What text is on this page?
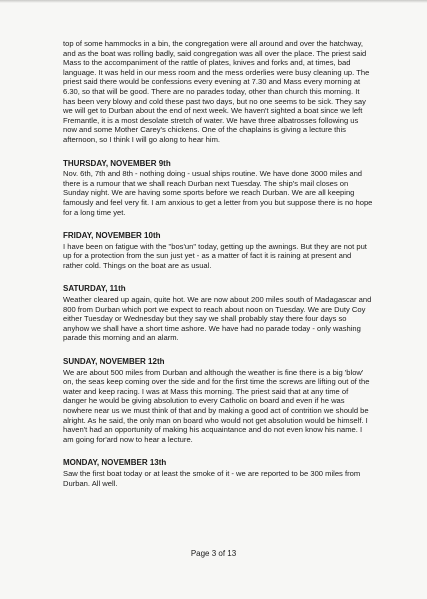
top of some hammocks in a bin, the congregation were all around and over the hatchway, and as the boat was rolling badly, said congregation was all over the place. The priest said Mass to the accompaniment of the rattle of plates, knives and forks and, at times, bad language. It was held in our mess room and the mess orderlies were busy cleaning up. The priest said there would be confessions every evening at 7.30 and Mass every morning at 6.30, so that will be good. There are no parades today, other than church this morning. It has been very blowy and cold these past two days, but no one seems to be sick. They say we will get to Durban about the end of next week. We haven't sighted a boat since we left Fremantle, it is a most desolate stretch of water. We have three albatrosses following us now and some Mother Carey's chickens. One of the chaplains is giving a lecture this afternoon, so I think I will go along to hear him.

THURSDAY, NOVEMBER 9th

Nov. 6th, 7th and 8th - nothing doing - usual ships routine. We have done 3000 miles and there is a rumour that we shall reach Durban next Tuesday. The ship's mail closes on Sunday night. We are having some sports before we reach Durban. We are all keeping famously and feel very fit. I am anxious to get a letter from you but suppose there is no hope for a long time yet.

FRIDAY, NOVEMBER 10th

I have been on fatigue with the "bos'un" today, getting up the awnings. But they are not put up for a protection from the sun just yet - as a matter of fact it is raining at present and rather cold. Things on the boat are as usual.

SATURDAY, 11th

Weather cleared up again, quite hot. We are now about 200 miles south of Madagascar and 800 from Durban which port we expect to reach about noon on Tuesday. We are Duty Coy either Tuesday or Wednesday but they say we shall probably stay there four days so anyhow we shall have a short time ashore. We have had no parade today - only washing parade this morning and an alarm.

SUNDAY, NOVEMBER 12th

We are about 500 miles from Durban and although the weather is fine there is a big 'blow' on, the seas keep coming over the side and for the first time the screws are lifting out of the water and keep racing. I was at Mass this morning. The priest said that at any time of danger he would be giving absolution to every Catholic on board and even if he was nowhere near us we must think of that and by making a good act of contrition we should be alright. As he said, the only man on board who would not get absolution would be himself. I haven't had an opportunity of making his acquaintance and do not even know his name. I am going for'ard now to hear a lecture.

MONDAY, NOVEMBER 13th

Saw the first boat today or at least the smoke of it - we are reported to be 300 miles from Durban. All well.

Page 3 of 13
